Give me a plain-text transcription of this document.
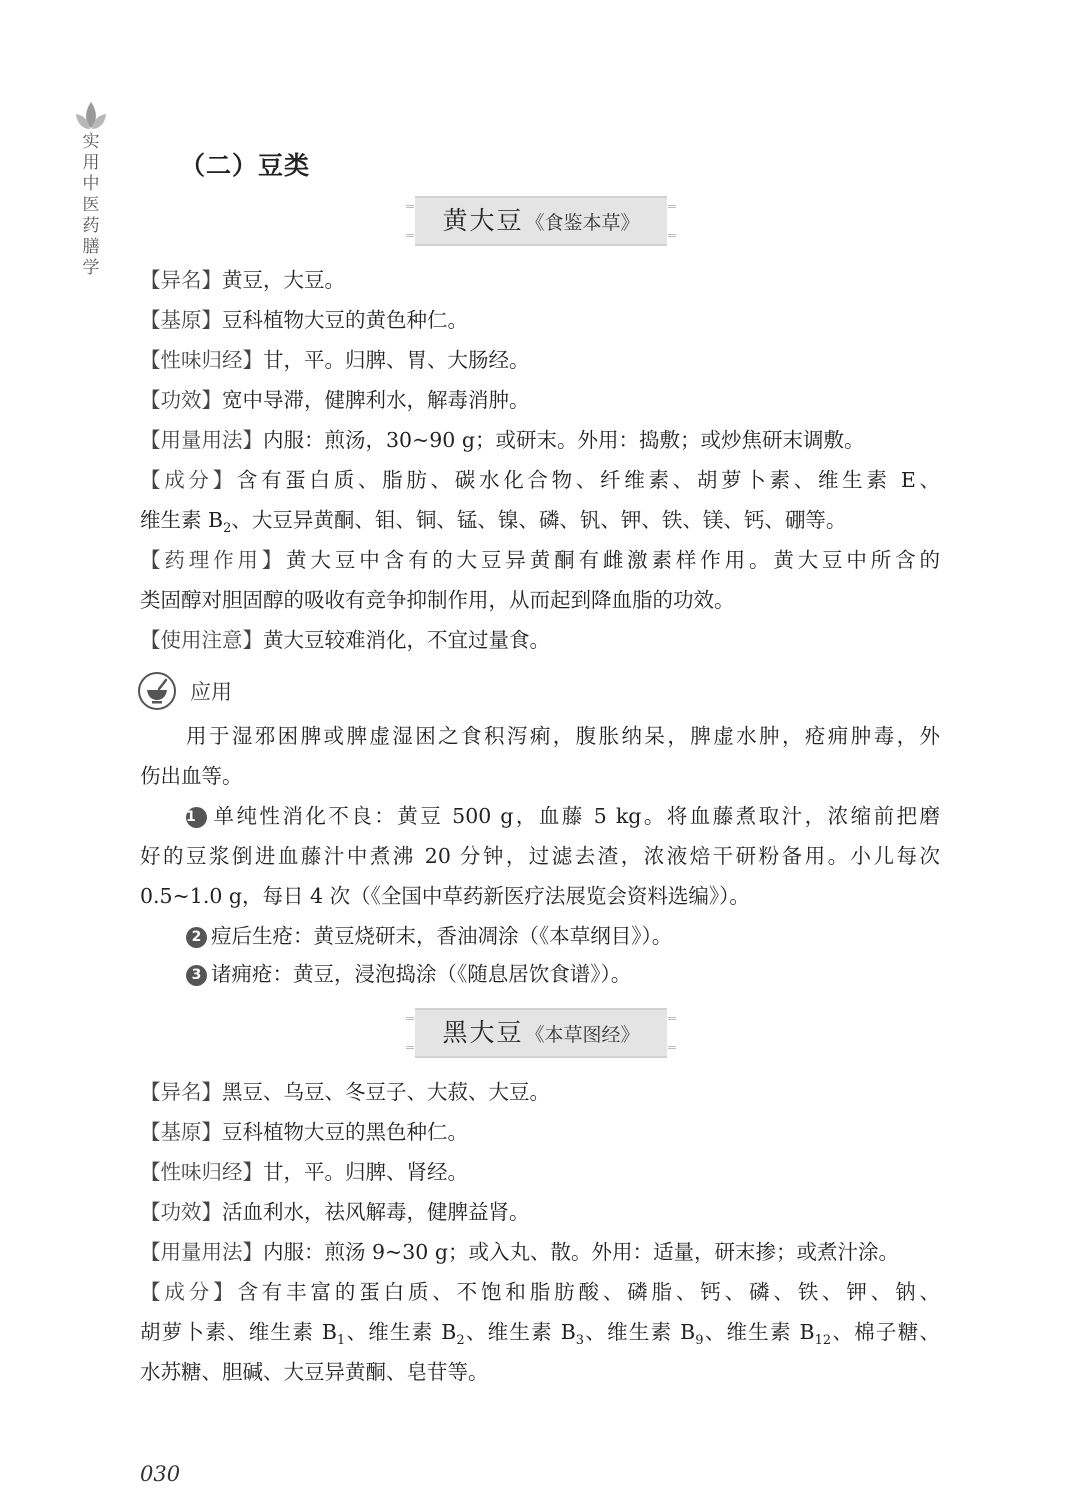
实用中医药膳学
（二）豆类
黄大豆 《食鉴本草》
【异名】黄豆，大豆。
【基原】豆科植物大豆的黄色种仁。
【性味归经】甘，平。归脾、胃、大肠经。
【功效】宽中导滞，健脾利水，解毒消肿。
【用量用法】内服：煎汤，30~90 g；或研末。外用：捣敷；或炒焦研末调敷。
【成分】含有蛋白质、脂肪、碳水化合物、纤维素、胡萝卜素、维生素 E、
维生素 $B_2$、大豆异黄酮、钼、铜、锰、镍、磷、钒、钾、铁、镁、钙、硼等。
【药理作用】黄大豆中含有的大豆异黄酮有雌激素样作用。黄大豆中所含的
类固醇对胆固醇的吸收有竞争抑制作用，从而起到降血脂的功效。
【使用注意】黄大豆较难消化，不宜过量食。
应用
用于湿邪困脾或脾虚湿困之食积泻痢，腹胀纳呆，脾虚水肿，疮痈肿毒，外
伤出血等。
1 单纯性消化不良：黄豆 500 g，血藤 5 kg。将血藤煮取汁，浓缩前把磨
好的豆浆倒进血藤汁中煮沸 20 分钟，过滤去渣，浓液焙干研粉备用。小儿每次
0.5~1.0 g，每日 4 次（《全国中草药新医疗法展览会资料选编》）。
2 痘后生疮：黄豆烧研末，香油凋涂（《本草纲目》）。
3 诸痈疮：黄豆，浸泡捣涂（《随息居饮食谱》）。
黑大豆 《本草图经》
【异名】黑豆、乌豆、冬豆子、大菽、大豆。
【基原】豆科植物大豆的黑色种仁。
【性味归经】甘，平。归脾、肾经。
【功效】活血利水，祛风解毒，健脾益肾。
【用量用法】内服：煎汤 9~30 g；或入丸、散。外用：适量，研末掺；或煮汁涂。
【成分】含有丰富的蛋白质、不饱和脂肪酸、磷脂、钙、磷、铁、钾、钠、
胡萝卜素、维生素 $B_1$、维生素 $B_2$、维生素 $B_3$、维生素 $B_9$、维生素 $B_{12}$、棉子糖、
水苏糖、胆碱、大豆异黄酮、皂苷等。
030
